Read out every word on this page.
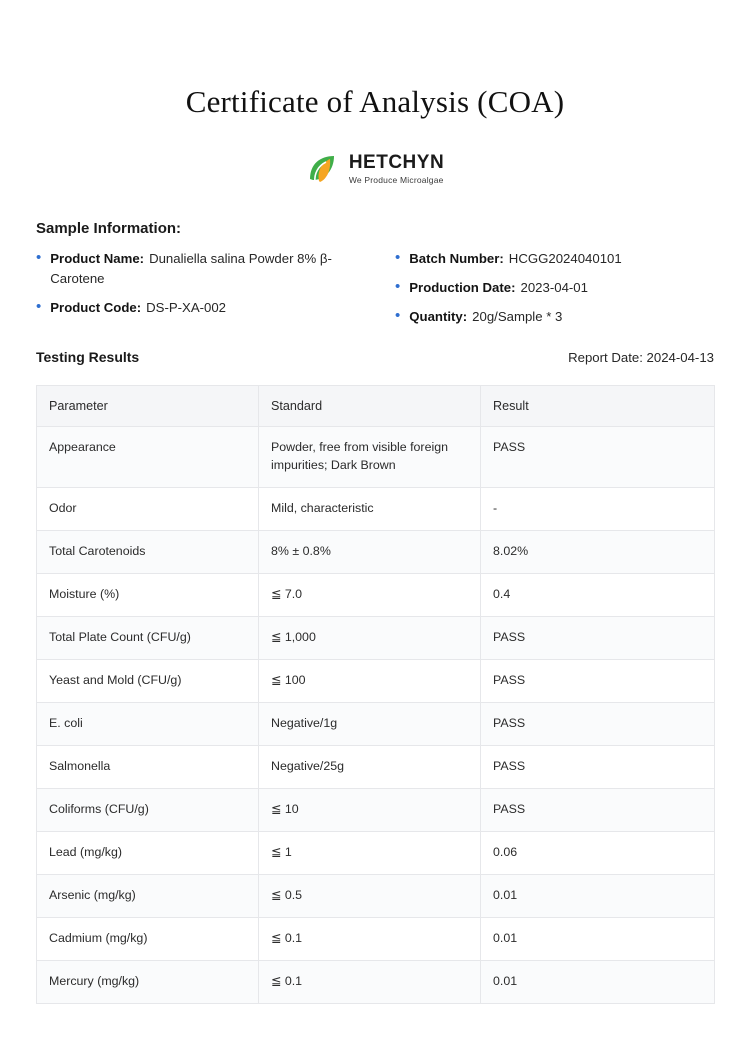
Certificate of Analysis (COA)
HETCHYN
We Produce Microalgae
Sample Information:
• Product Name: Dunaliella salina Powder 8% β-Carotene
• Product Code: DS-P-XA-002
• Batch Number: HCGG2024040101
• Production Date: 2023-04-01
• Quantity: 20g/Sample * 3
Testing Results	Report Date: 2024-04-13
Parameter	Standard	Result
Appearance	Powder, free from visible foreign impurities; Dark Brown	PASS
Odor	Mild, characteristic	-
Total Carotenoids	8% ± 0.8%	8.02%
Moisture (%)	≦ 7.0	0.4
Total Plate Count (CFU/g)	≦ 1,000	PASS
Yeast and Mold (CFU/g)	≦ 100	PASS
E. coli	Negative/1g	PASS
Salmonella	Negative/25g	PASS
Coliforms (CFU/g)	≦ 10	PASS
Lead (mg/kg)	≦ 1	0.06
Arsenic (mg/kg)	≦ 0.5	0.01
Cadmium (mg/kg)	≦ 0.1	0.01
Mercury (mg/kg)	≦ 0.1	0.01
